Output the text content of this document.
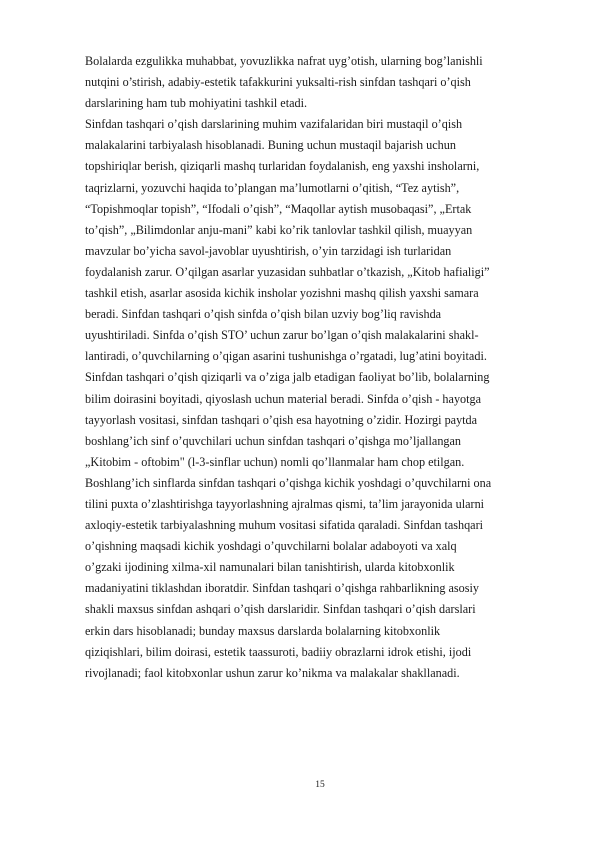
Bolalarda ezgulikka muhabbat, yovuzlikka nafrat uyg’otish, ularning bog’lanishli
nutqini o’stirish, adabiy-estetik tafakkurini yuksalti-rish sinfdan tashqari o’qish
darslarining ham tub mohiyatini tashkil etadi.
Sinfdan tashqari o’qish darslarining muhim vazifalaridan biri mustaqil o’qish
malakalarini tarbiyalash hisoblanadi. Buning uchun mustaqil bajarish uchun
topshiriqlar berish, qiziqarli mashq turlaridan foydalanish, eng yaxshi insholarni,
taqrizlarni, yozuvchi haqida to’plangan ma’lumotlarni o’qitish, “Tez aytish”,
“Topishmoqlar topish”, “Ifodali o’qish”, “Maqollar aytish musobaqasi”, „Ertak
to’qish”, „Bilimdonlar anju-mani” kabi ko’rik tanlovlar tashkil qilish, muayyan
mavzular bo’yicha savol-javoblar uyushtirish, o’yin tarzidagi ish turlaridan
foydalanish zarur. O’qilgan asarlar yuzasidan suhbatlar o’tkazish, „Kitob hafialigi”
tashkil etish, asarlar asosida kichik insholar yozishni mashq qilish yaxshi samara
beradi. Sinfdan tashqari o’qish sinfda o’qish bilan uzviy bog’liq ravishda
uyushtiriladi. Sinfda o’qish STO’ uchun zarur bo’lgan o’qish malakalarini shakl-
lantiradi, o’quvchilarning o’qigan asarini tushunishga o’rgatadi, lug’atini boyitadi.
Sinfdan tashqari o’qish qiziqarli va o’ziga jalb etadigan faoliyat bo’lib, bolalarning
bilim doirasini boyitadi, qiyoslash uchun material beradi. Sinfda o’qish - hayotga
tayyorlash vositasi, sinfdan tashqari o’qish esa hayotning o’zidir. Hozirgi paytda
boshlang’ich sinf o’quvchilari uchun sinfdan tashqari o’qishga mo’ljallangan
„Kitobim - oftobim" (l-3-sinflar uchun) nomli qo’llanmalar ham chop etilgan.
Boshlang’ich sinflarda sinfdan tashqari o’qishga kichik yoshdagi o’quvchilarni ona
tilini puxta o’zlashtirishga tayyorlashning ajralmas qismi, ta’lim jarayonida ularni
axloqiy-estetik tarbiyalashning muhum vositasi sifatida qaraladi. Sinfdan tashqari
o’qishning maqsadi kichik yoshdagi o’quvchilarni bolalar adaboyoti va xalq
o’gzaki ijodining xilma-xil namunalari bilan tanishtirish, ularda kitobxonlik
madaniyatini tiklashdan iboratdir. Sinfdan tashqari o’qishga rahbarlikning asosiy
shakli maxsus sinfdan ashqari o’qish darslaridir. Sinfdan tashqari o’qish darslari
erkin dars hisoblanadi; bunday maxsus darslarda bolalarning kitobxonlik
qiziqishlari, bilim doirasi, estetik taassuroti, badiiy obrazlarni idrok etishi, ijodi
rivojlanadi; faol kitobxonlar ushun zarur ko’nikma va malakalar shakllanadi.
15
